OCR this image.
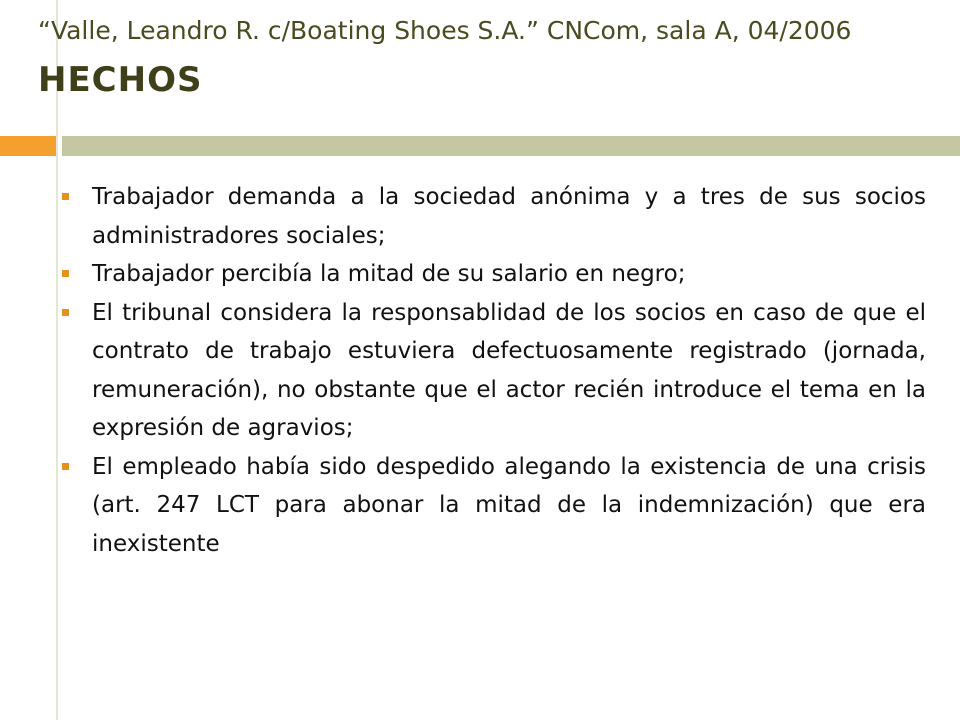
“Valle, Leandro R. c/Boating Shoes S.A.” CNCom, sala A, 04/2006
HECHOS
Trabajador demanda a la sociedad anónima y a tres de sus socios administradores sociales;
Trabajador percibía la mitad de su salario en negro;
El tribunal considera la responsablidad de los socios en caso de que el contrato de trabajo estuviera defectuosamente registrado (jornada, remuneración), no obstante que el actor recién introduce el tema en la expresión de agravios;
El empleado había sido despedido alegando la existencia de una crisis (art. 247 LCT para abonar la mitad de la indemnización) que era inexistente
